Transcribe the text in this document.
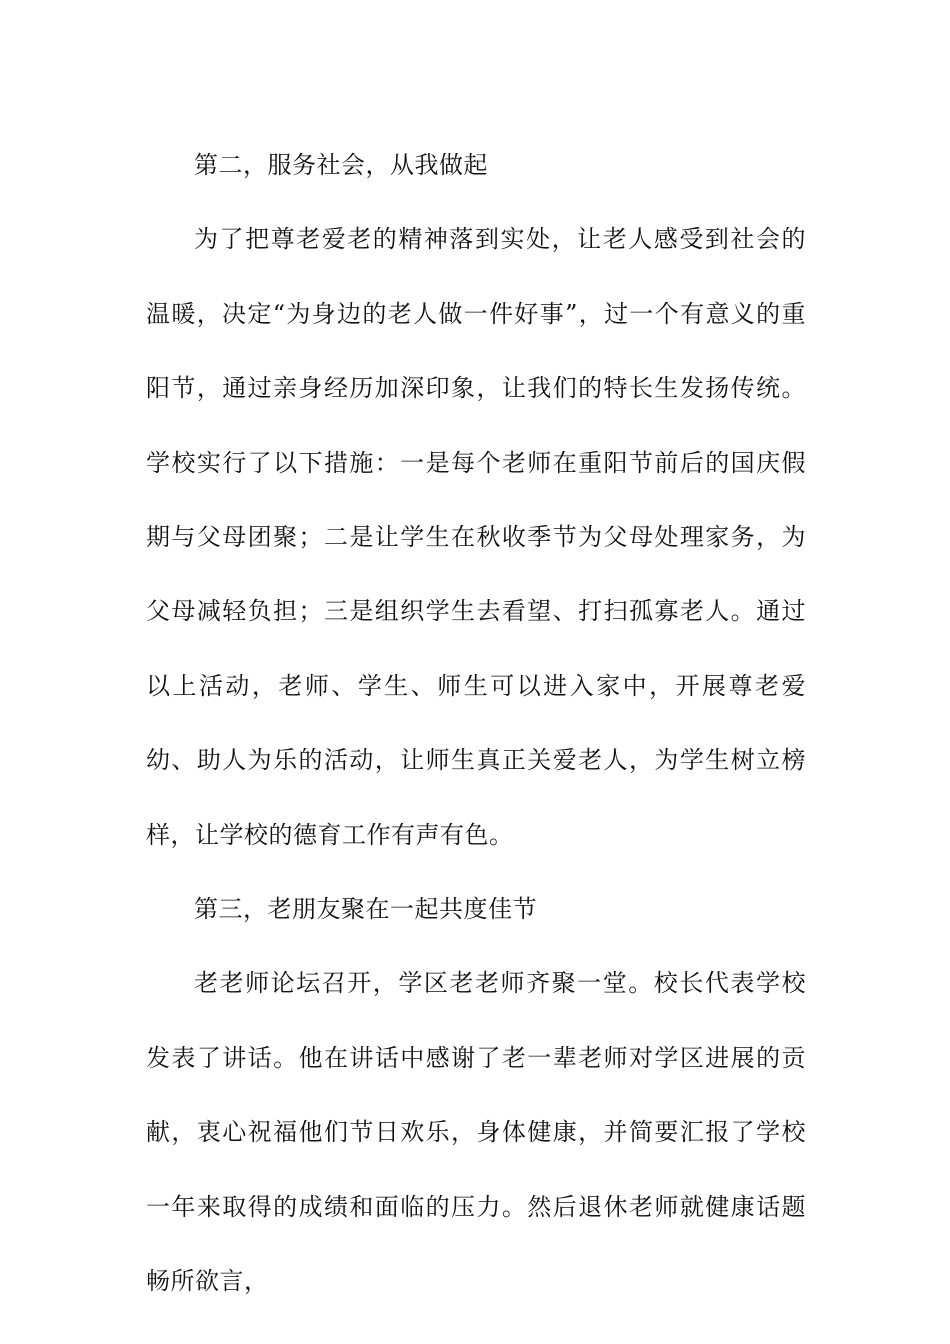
第二，服务社会，从我做起

为了把尊老爱老的精神落到实处，让老人感受到社会的温暖，决定“为身边的老人做一件好事”，过一个有意义的重阳节，通过亲身经历加深印象，让我们的特长生发扬传统。学校实行了以下措施：一是每个老师在重阳节前后的国庆假期与父母团聚；二是让学生在秋收季节为父母处理家务，为父母减轻负担；三是组织学生去看望、打扫孤寡老人。通过以上活动，老师、学生、师生可以进入家中，开展尊老爱幼、助人为乐的活动，让师生真正关爱老人，为学生树立榜样，让学校的德育工作有声有色。

第三，老朋友聚在一起共度佳节

老老师论坛召开，学区老老师齐聚一堂。校长代表学校发表了讲话。他在讲话中感谢了老一辈老师对学区进展的贡献，衷心祝福他们节日欢乐，身体健康，并简要汇报了学校一年来取得的成绩和面临的压力。然后退休老师就健康话题畅所欲言，
